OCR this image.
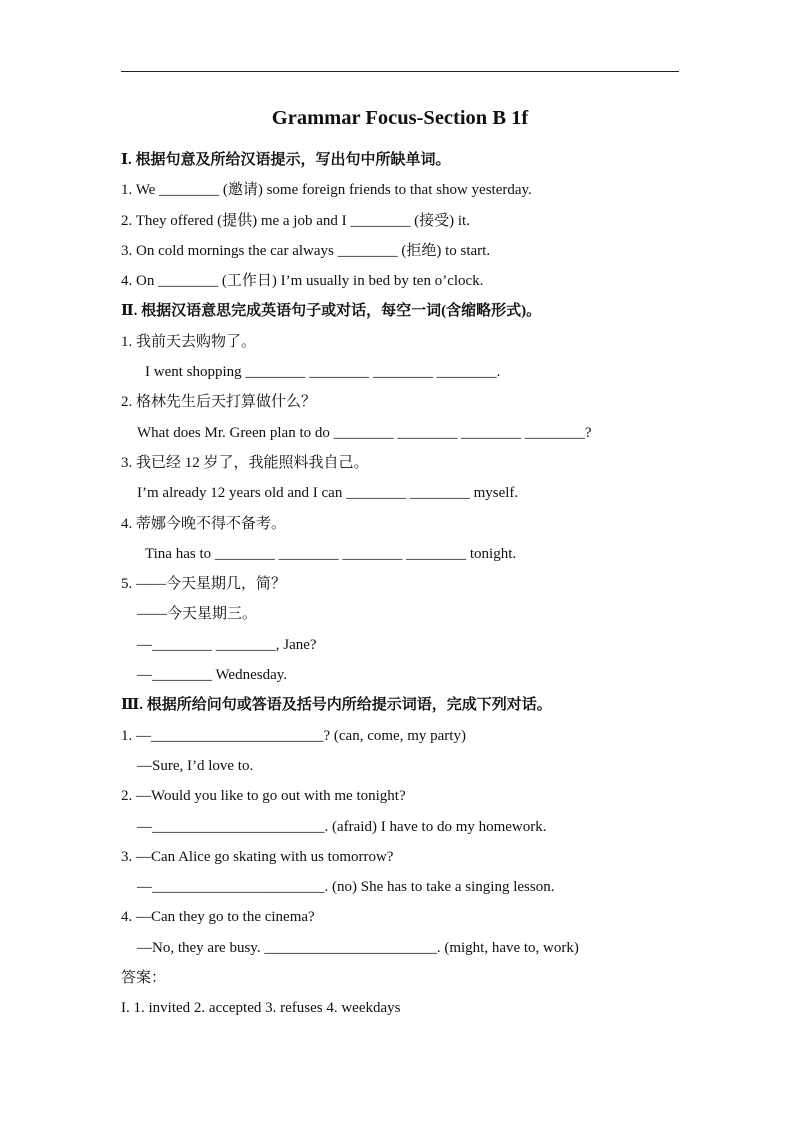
Grammar Focus-Section B 1f
Ⅰ. 根据句意及所给汉语提示，写出句中所缺单词。
1. We ________ (邀请) some foreign friends to that show yesterday.
2. They offered (提供) me a job and I ________ (接受) it.
3. On cold mornings the car always ________ (拒绝) to start.
4. On ________ (工作日) I’m usually in bed by ten o’clock.
Ⅱ. 根据汉语意思完成英语句子或对话，每空一词(含缩略形式)。
1. 我前天去购物了。
I went shopping ________ ________ ________ ________.
2. 格林先生后天打算做什么？
What does Mr. Green plan to do ________ ________ ________ ________?
3. 我已经 12 岁了，我能照料我自己。
I’m already 12 years old and I can ________ ________ myself.
4. 蒂娜今晚不得不备考。
Tina has to ________ ________ ________ ________ tonight.
5. ——今天星期几，简？
——今天星期三。
—________ ________, Jane?
—________ Wednesday.
Ⅲ. 根据所给问句或答语及括号内所给提示词语，完成下列对话。
1. —_______________________? (can, come, my party)
—Sure, I’d love to.
2. —Would you like to go out with me tonight?
—_______________________. (afraid) I have to do my homework.
3. —Can Alice go skating with us tomorrow?
—_______________________. (no) She has to take a singing lesson.
4. —Can they go to the cinema?
—No, they are busy. _______________________. (might, have to, work)
答案：
I. 1. invited 2. accepted 3. refuses 4. weekdays
